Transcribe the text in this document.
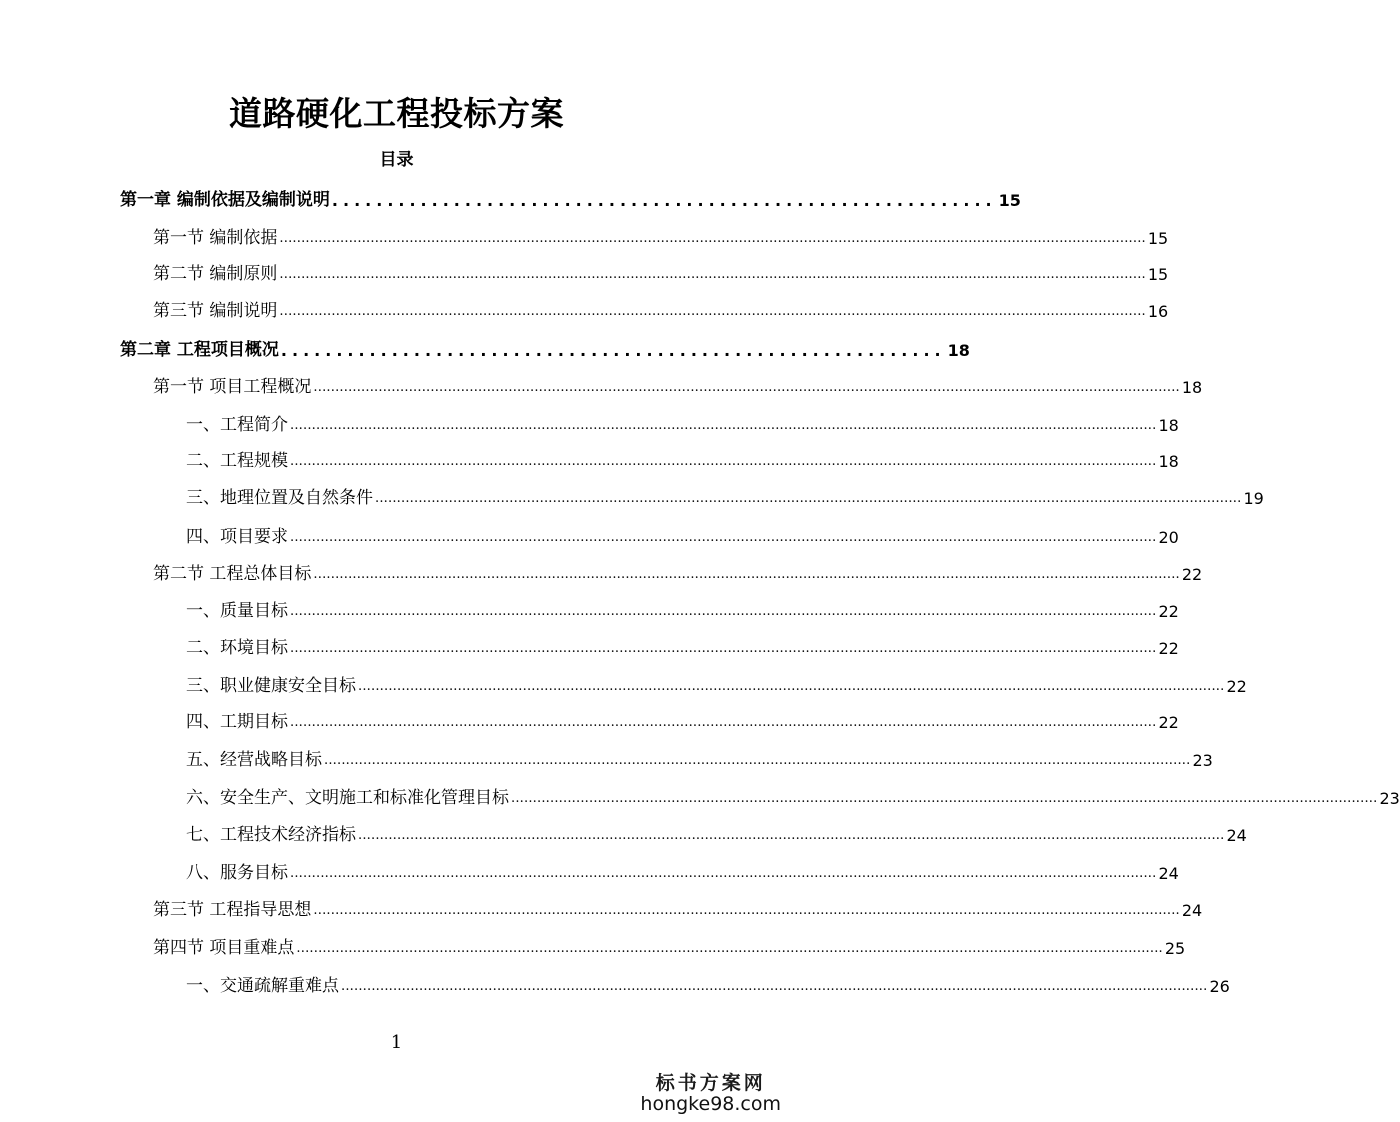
道路硬化工程投标方案
目录
第一章 编制依据及编制说明 ............................................................ 15
第一节 编制依据 ........................................................................................................................................................................................................ 15
第二节 编制原则 ........................................................................................................................................................................................................ 15
第三节 编制说明 ........................................................................................................................................................................................................ 16
第二章 工程项目概况 ............................................................ 18
第一节 项目工程概况 ........................................................................................................................................................................................................ 18
一、工程简介 ........................................................................................................................................................................................................ 18
二、工程规模 ........................................................................................................................................................................................................ 18
三、地理位置及自然条件 ........................................................................................................................................................................................................ 19
四、项目要求 ........................................................................................................................................................................................................ 20
第二节 工程总体目标 ........................................................................................................................................................................................................ 22
一、质量目标 ........................................................................................................................................................................................................ 22
二、环境目标 ........................................................................................................................................................................................................ 22
三、职业健康安全目标 ........................................................................................................................................................................................................ 22
四、工期目标 ........................................................................................................................................................................................................ 22
五、经营战略目标 ........................................................................................................................................................................................................ 23
六、安全生产、文明施工和标准化管理目标 ........................................................................................................................................................................................................ 23
七、工程技术经济指标 ........................................................................................................................................................................................................ 24
八、服务目标 ........................................................................................................................................................................................................ 24
第三节 工程指导思想 ........................................................................................................................................................................................................ 24
第四节 项目重难点 ........................................................................................................................................................................................................ 25
一、交通疏解重难点 ........................................................................................................................................................................................................ 26
1
标书方案网
hongke98.com
